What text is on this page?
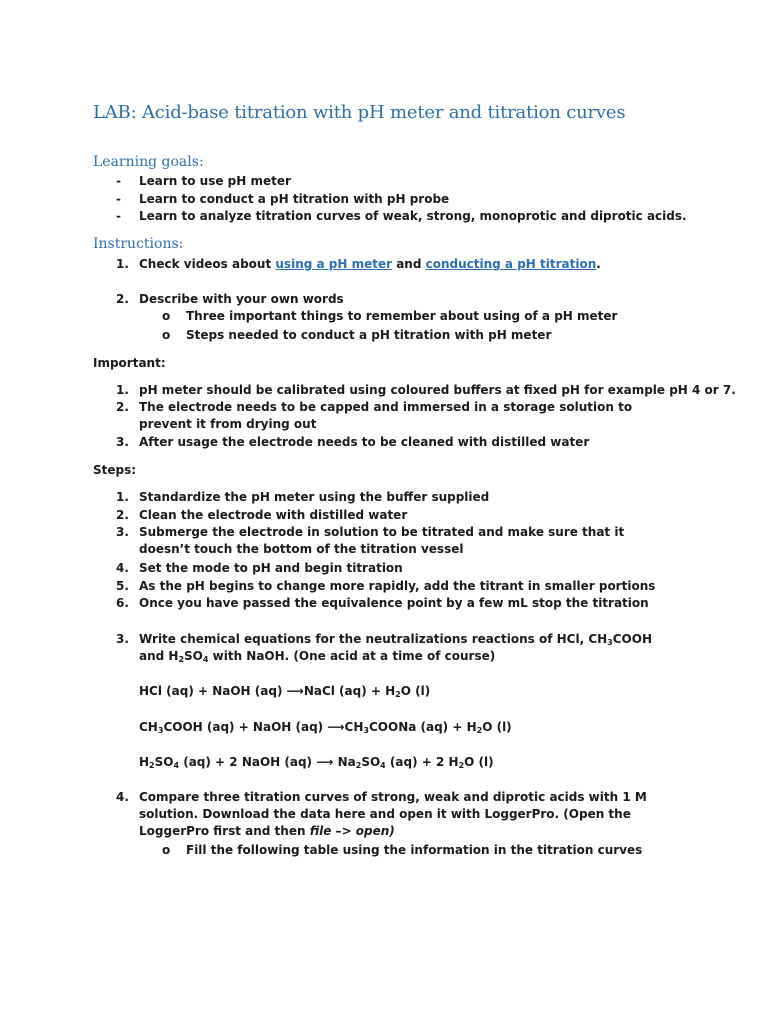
LAB: Acid-base titration with pH meter and titration curves
Learning goals:
- Learn to use pH meter
- Learn to conduct a pH titration with pH probe
- Learn to analyze titration curves of weak, strong, monoprotic and diprotic acids.
Instructions:
1. Check videos about using a pH meter and conducting a pH titration.
2. Describe with your own words
o Three important things to remember about using of a pH meter
o Steps needed to conduct a pH titration with pH meter
Important:
1. pH meter should be calibrated using coloured buffers at fixed pH for example pH 4 or 7.
2. The electrode needs to be capped and immersed in a storage solution to prevent it from drying out
3. After usage the electrode needs to be cleaned with distilled water
Steps:
1. Standardize the pH meter using the buffer supplied
2. Clean the electrode with distilled water
3. Submerge the electrode in solution to be titrated and make sure that it doesn’t touch the bottom of the titration vessel
4. Set the mode to pH and begin titration
5. As the pH begins to change more rapidly, add the titrant in smaller portions
6. Once you have passed the equivalence point by a few mL stop the titration
3. Write chemical equations for the neutralizations reactions of HCl, $CH_3COOH$ and $H_2SO_4$ with NaOH. (One acid at a time of course)
HCl (aq) + NaOH (aq) ⟶NaCl $(aq) + H_2O$ (l)
$CH_3COOH$ (aq) + NaOH (aq) $⟶CH_3COONa$ $(aq) + H_2O$ (l)
$H_2SO_4$ (aq) + 2 NaOH (aq) ⟶ $Na_2SO_4$ (aq) + 2 $H_2O$ (l)
4. Compare three titration curves of strong, weak and diprotic acids with 1 M solution. Download the data here and open it with LoggerPro. (Open the LoggerPro first and then file –> open)
o Fill the following table using the information in the titration curves
